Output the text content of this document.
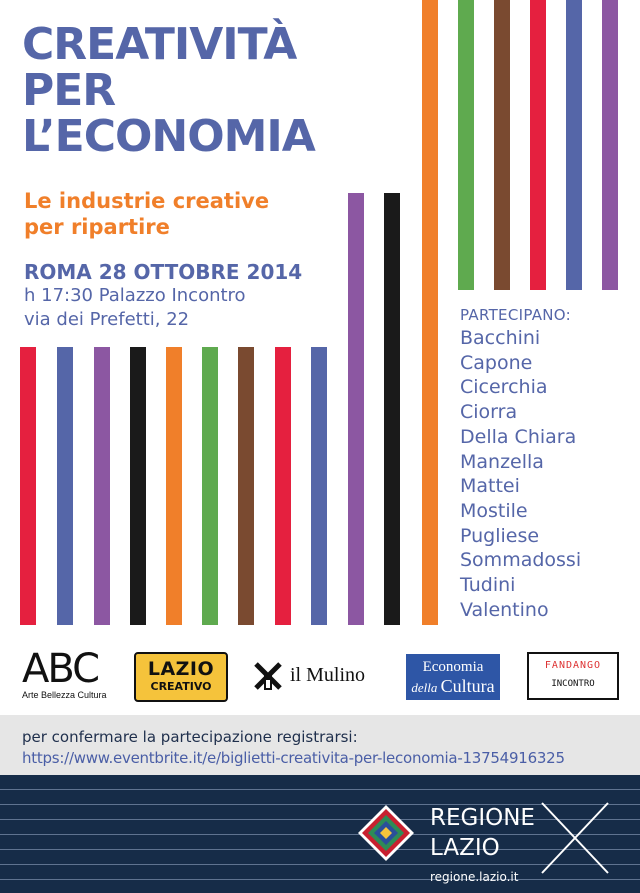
CREATIVITÀ
PER
L’ECONOMIA
Le industrie creative
per ripartire
ROMA 28 OTTOBRE 2014
h 17:30 Palazzo Incontro
via dei Prefetti, 22	PARTECIPANO:
Bacchini
Capone
Cicerchia
Ciorra
Della Chiara
Manzella
Mattei
Mostile
Pugliese
Sommadossi
Tudini
Valentino
ABC
Arte Bellezza Cultura
LAZIO
CREATIVO
il Mulino	Economia
della Cultura
FANDANGO
INCONTRO
per confermare la partecipazione registrarsi:
https://www.eventbrite.it/e/biglietti-creativita-per-leconomia-13754916325
REGIONE
LAZIO
regione.lazio.it
